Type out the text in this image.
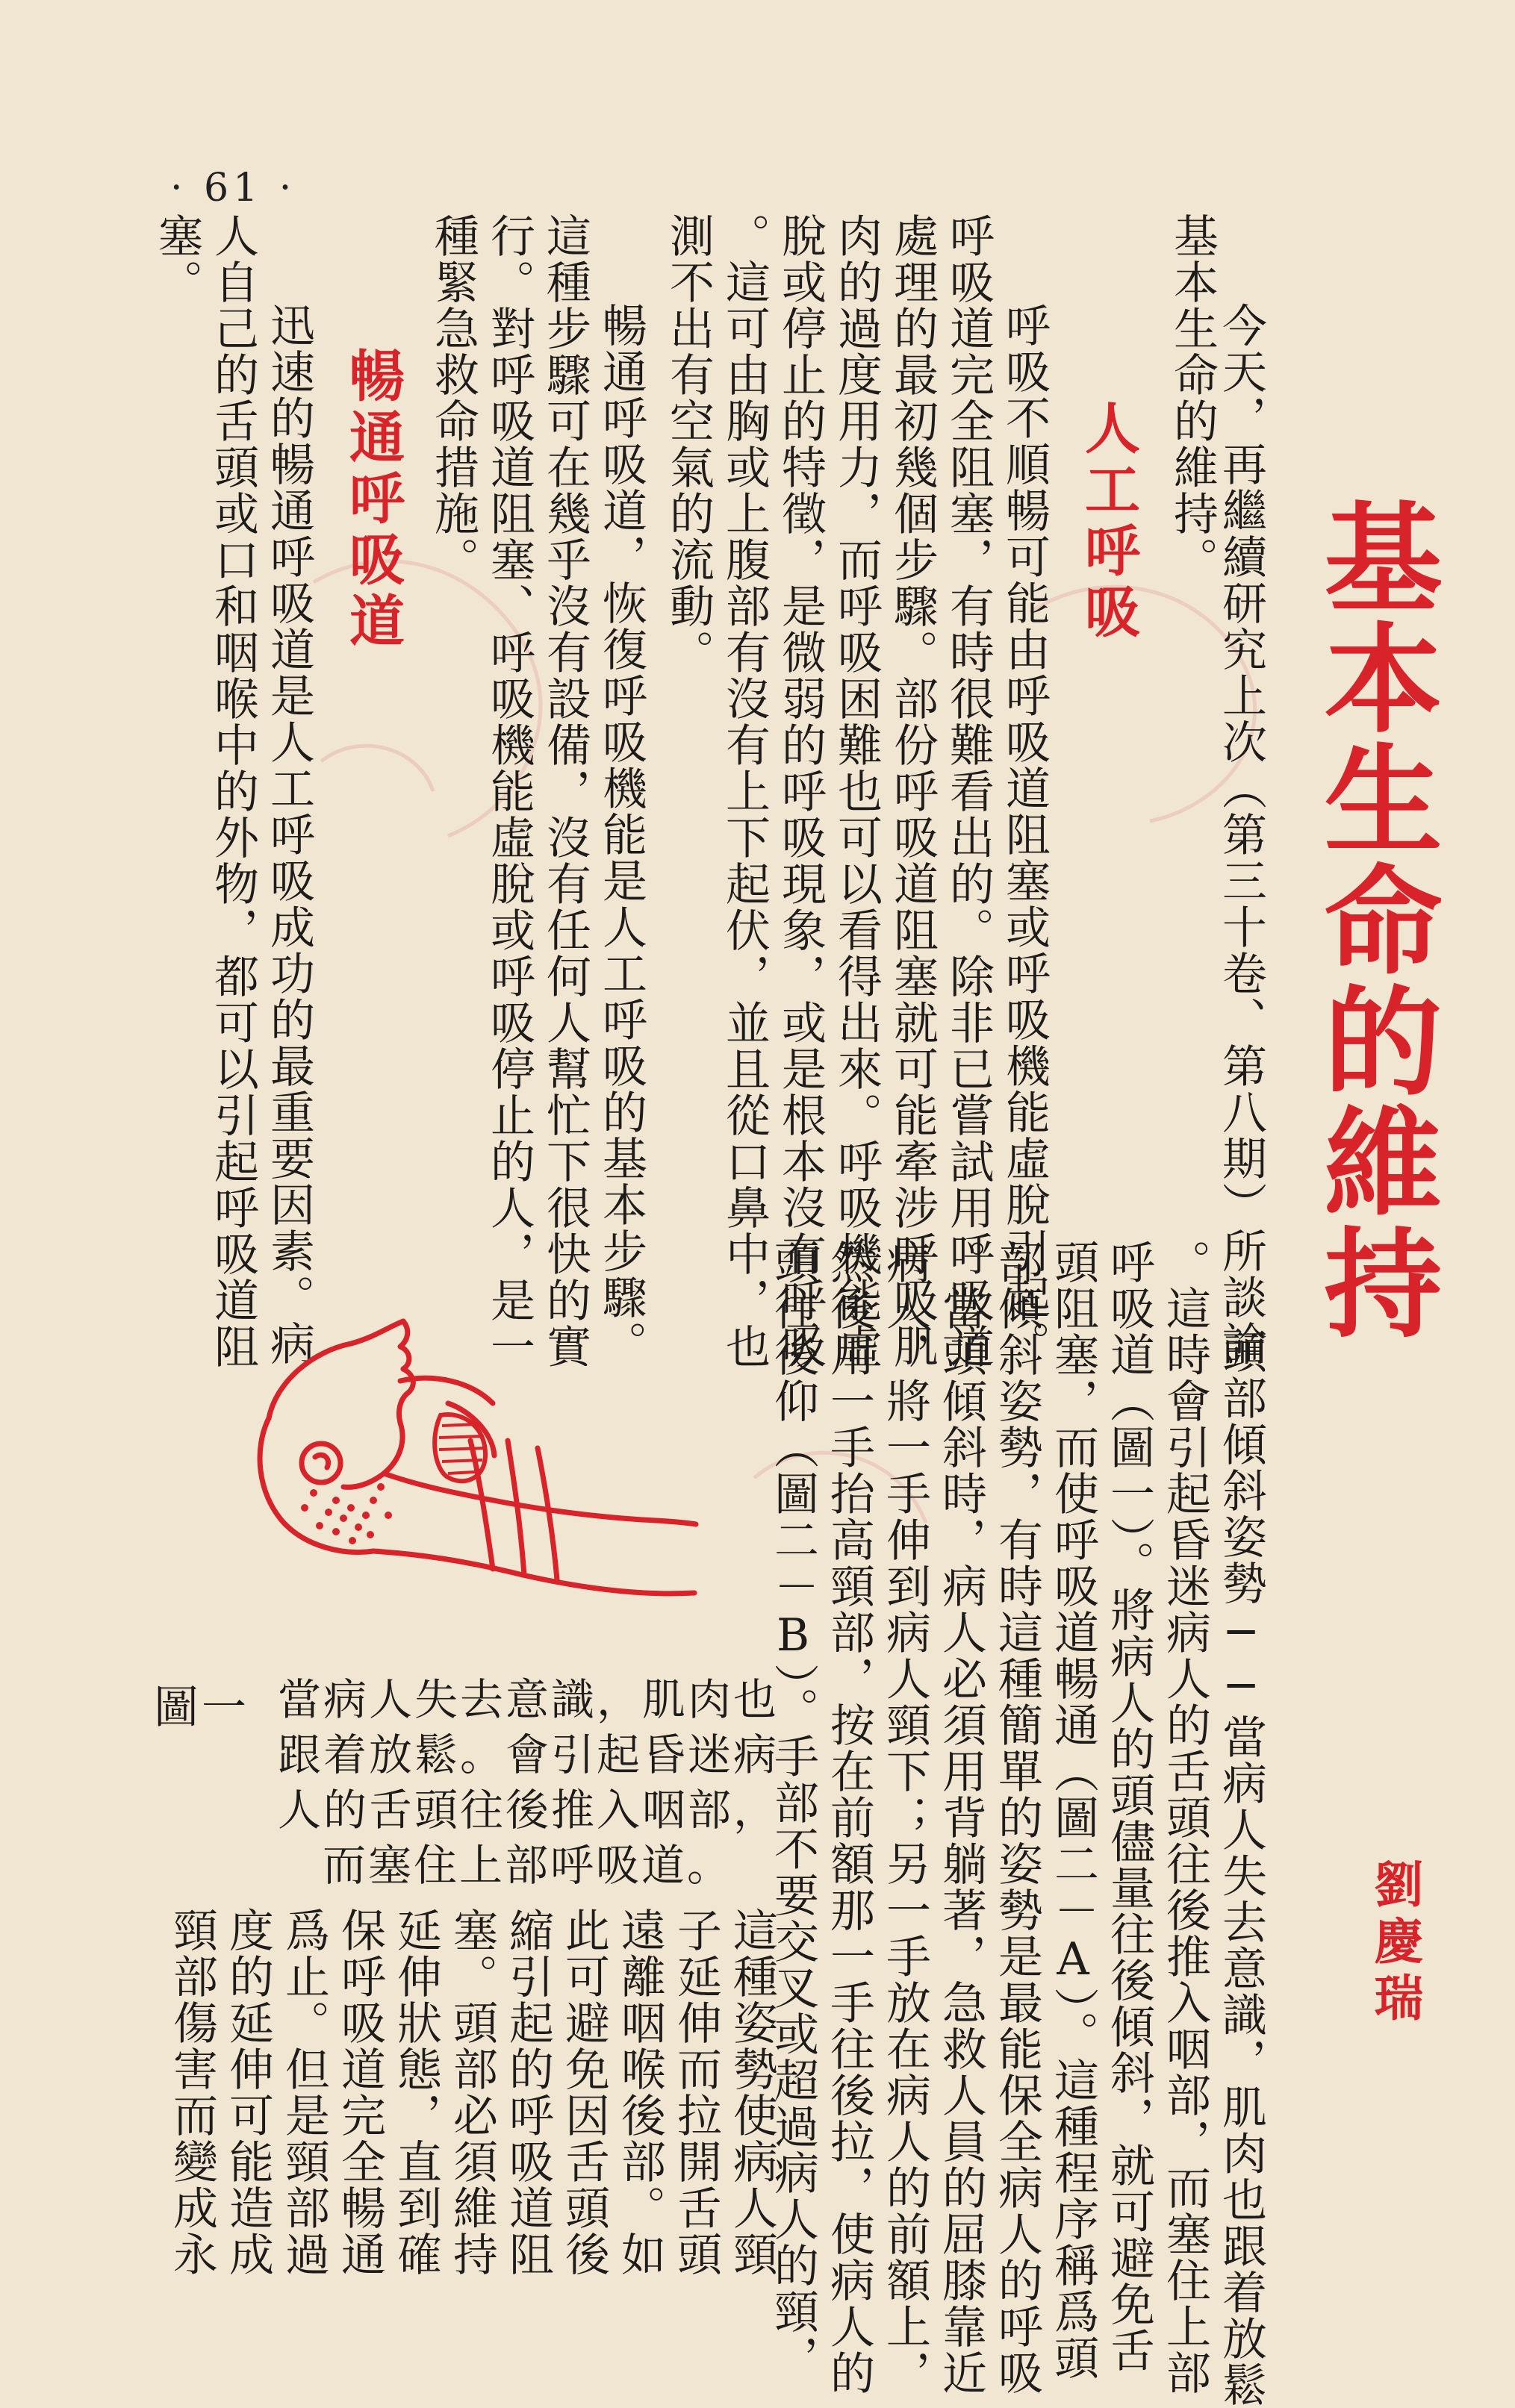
· 61 ·
基本生命的維持
劉慶瑞
今天，再繼續研究上次（第三十卷、第八期）所談論
基本生命的維持。
人工呼吸
呼吸不順暢可能由呼吸道阻塞或呼吸機能虛脫引起。
呼吸道完全阻塞，有時很難看出的。除非已嘗試用呼吸道
處理的最初幾個步驟。部份呼吸道阻塞就可能牽涉呼吸肌
肉的過度用力，而呼吸困難也可以看得出來。呼吸機能虛
脫或停止的特徵，是微弱的呼吸現象，或是根本沒有呼吸
。這可由胸或上腹部有沒有上下起伏，並且從口鼻中，也
測不出有空氣的流動。
暢通呼吸道，恢復呼吸機能是人工呼吸的基本步驟。
這種步驟可在幾乎沒有設備，沒有任何人幫忙下很快的實
行。對呼吸道阻塞、呼吸機能虛脫或呼吸停止的人，是一
種緊急救命措施。
暢通呼吸道
迅速的暢通呼吸道是人工呼吸成功的最重要因素。病
人自己的舌頭或口和咽喉中的外物，都可以引起呼吸道阻
塞。
頭部傾斜姿勢──當病人失去意識，肌肉也跟着放鬆
。這時會引起昏迷病人的舌頭往後推入咽部，而塞住上部
呼吸道（圖一）。將病人的頭儘量往後傾斜，就可避免舌
頭阻塞，而使呼吸道暢通（圖二－A）。這種程序稱爲頭
部傾斜姿勢，有時這種簡單的姿勢是最能保全病人的呼吸
。當頭傾斜時，病人必須用背躺著，急救人員的屈膝靠近
病人，將一手伸到病人頸下；另一手放在病人的前額上，
然後用一手抬高頸部，按在前額那一手往後拉，使病人的
頭往後仰（圖二－B）。手部不要交叉或超過病人的頸，
這種姿勢使病人頸
子延伸而拉開舌頭
遠離咽喉後部。如
此可避免因舌頭後
縮引起的呼吸道阻
塞。頭部必須維持
延伸狀態，直到確
保呼吸道完全暢通
爲止。但是頸部過
度的延伸可能造成
頸部傷害而變成永
圖一 當病人失去意識，肌肉也
跟着放鬆。會引起昏迷病
人的舌頭往後推入咽部，
而塞住上部呼吸道。
